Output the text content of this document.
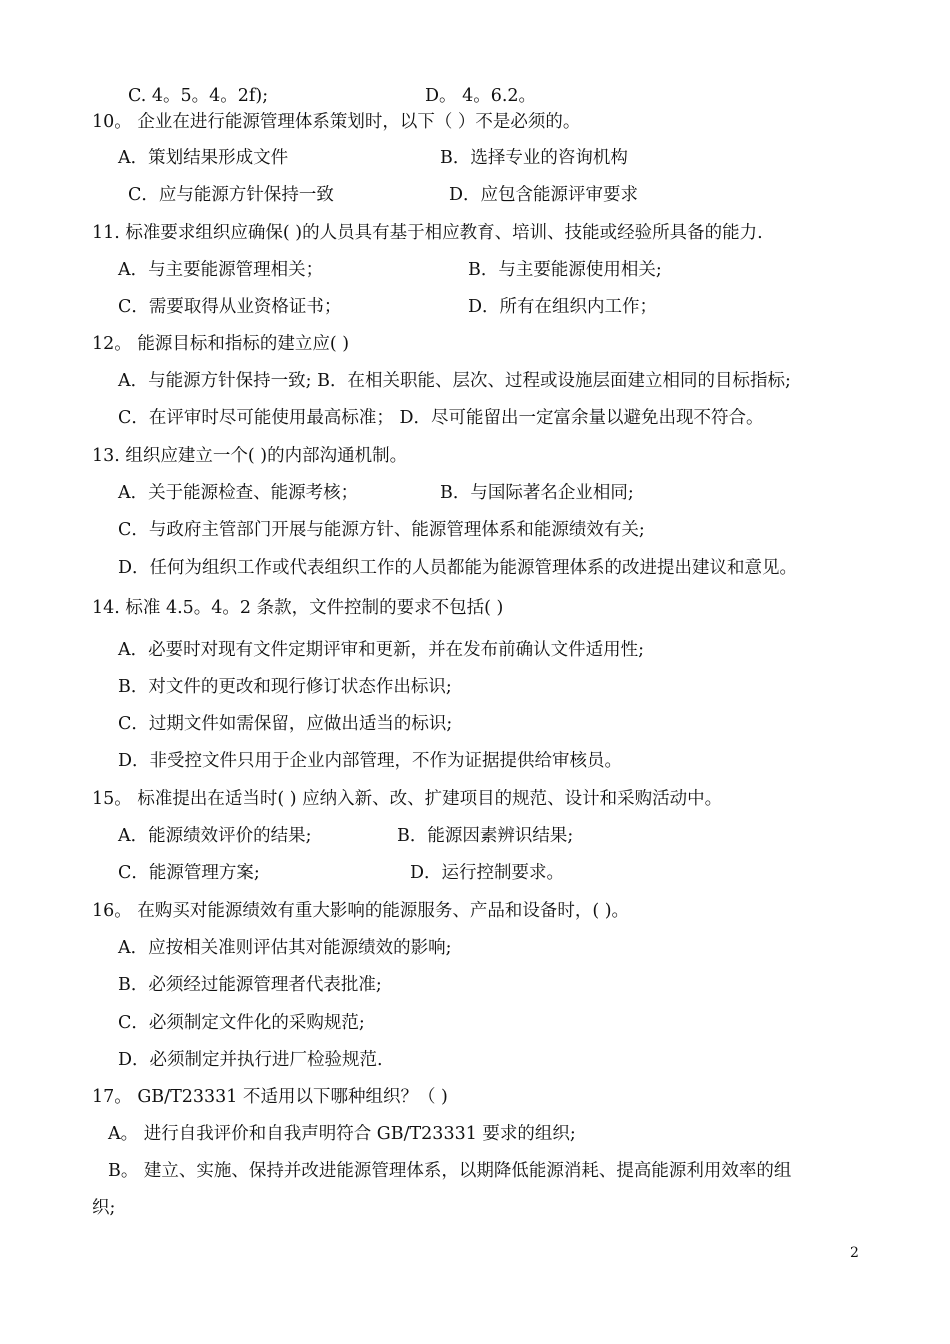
C. 4。5。4。2f);	D。 4。6.2。
10。 企业在进行能源管理体系策划时，以下（ ）不是必须的。
A．策划结果形成文件	B．选择专业的咨询机构
C．应与能源方针保持一致	D．应包含能源评审要求
11. 标准要求组织应确保( )的人员具有基于相应教育、培训、技能或经验所具备的能力.
A．与主要能源管理相关；	B．与主要能源使用相关;
C．需要取得从业资格证书；	D．所有在组织内工作；
12。 能源目标和指标的建立应( )
A．与能源方针保持一致; B．在相关职能、层次、过程或设施层面建立相同的目标指标;
C．在评审时尽可能使用最高标准； D．尽可能留出一定富余量以避免出现不符合。
13. 组织应建立一个( )的内部沟通机制。
A．关于能源检查、能源考核；	B．与国际著名企业相同;
C．与政府主管部门开展与能源方针、能源管理体系和能源绩效有关;
D．任何为组织工作或代表组织工作的人员都能为能源管理体系的改进提出建议和意见。
14. 标准 4.5。4。2 条款，文件控制的要求不包括( )
A．必要时对现有文件定期评审和更新，并在发布前确认文件适用性;
B．对文件的更改和现行修订状态作出标识;
C．过期文件如需保留，应做出适当的标识;
D．非受控文件只用于企业内部管理，不作为证据提供给审核员。
15。 标准提出在适当时( ) 应纳入新、改、扩建项目的规范、设计和采购活动中。
A．能源绩效评价的结果;	B．能源因素辨识结果;
C．能源管理方案;	D．运行控制要求。
16。 在购买对能源绩效有重大影响的能源服务、产品和设备时，( )。
A．应按相关准则评估其对能源绩效的影响;
B．必须经过能源管理者代表批准;
C．必须制定文件化的采购规范;
D．必须制定并执行进厂检验规范.
17。 GB/T23331 不适用以下哪种组织？（ )
A。 进行自我评价和自我声明符合 GB/T23331 要求的组织;
B。 建立、实施、保持并改进能源管理体系，以期降低能源消耗、提高能源利用效率的组
织;
2
